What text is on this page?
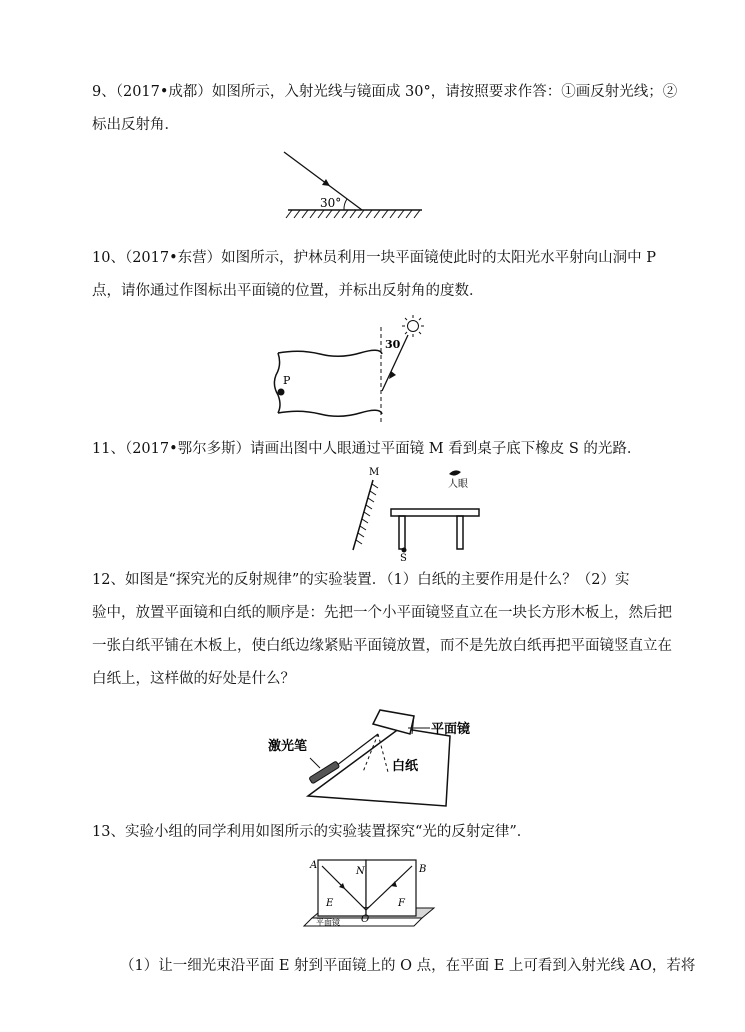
9、（2017•成都）如图所示，入射光线与镜面成 30°，请按照要求作答：①画反射光线；②
标出反射角．
30°
10、（2017•东营）如图所示，护林员利用一块平面镜使此时的太阳光水平射向山洞中 P
点，请你通过作图标出平面镜的位置，并标出反射角的度数．
P
30
11、（2017•鄂尔多斯）请画出图中人眼通过平面镜 M 看到桌子底下橡皮 S 的光路．
M
人眼
S
12、如图是“探究光的反射规律”的实验装置．（1）白纸的主要作用是什么？（2）实
验中，放置平面镜和白纸的顺序是：先把一个小平面镜竖直立在一块长方形木板上，然后把
一张白纸平铺在木板上，使白纸边缘紧贴平面镜放置，而不是先放白纸再把平面镜竖直立在
白纸上，这样做的好处是什么？
激光笔
平面镜
白纸
13、实验小组的同学利用如图所示的实验装置探究“光的反射定律”．
A
N	B
E
O
F
平面镜
（1）让一细光束沿平面 E 射到平面镜上的 O 点，在平面 E 上可看到入射光线 AO，若将
